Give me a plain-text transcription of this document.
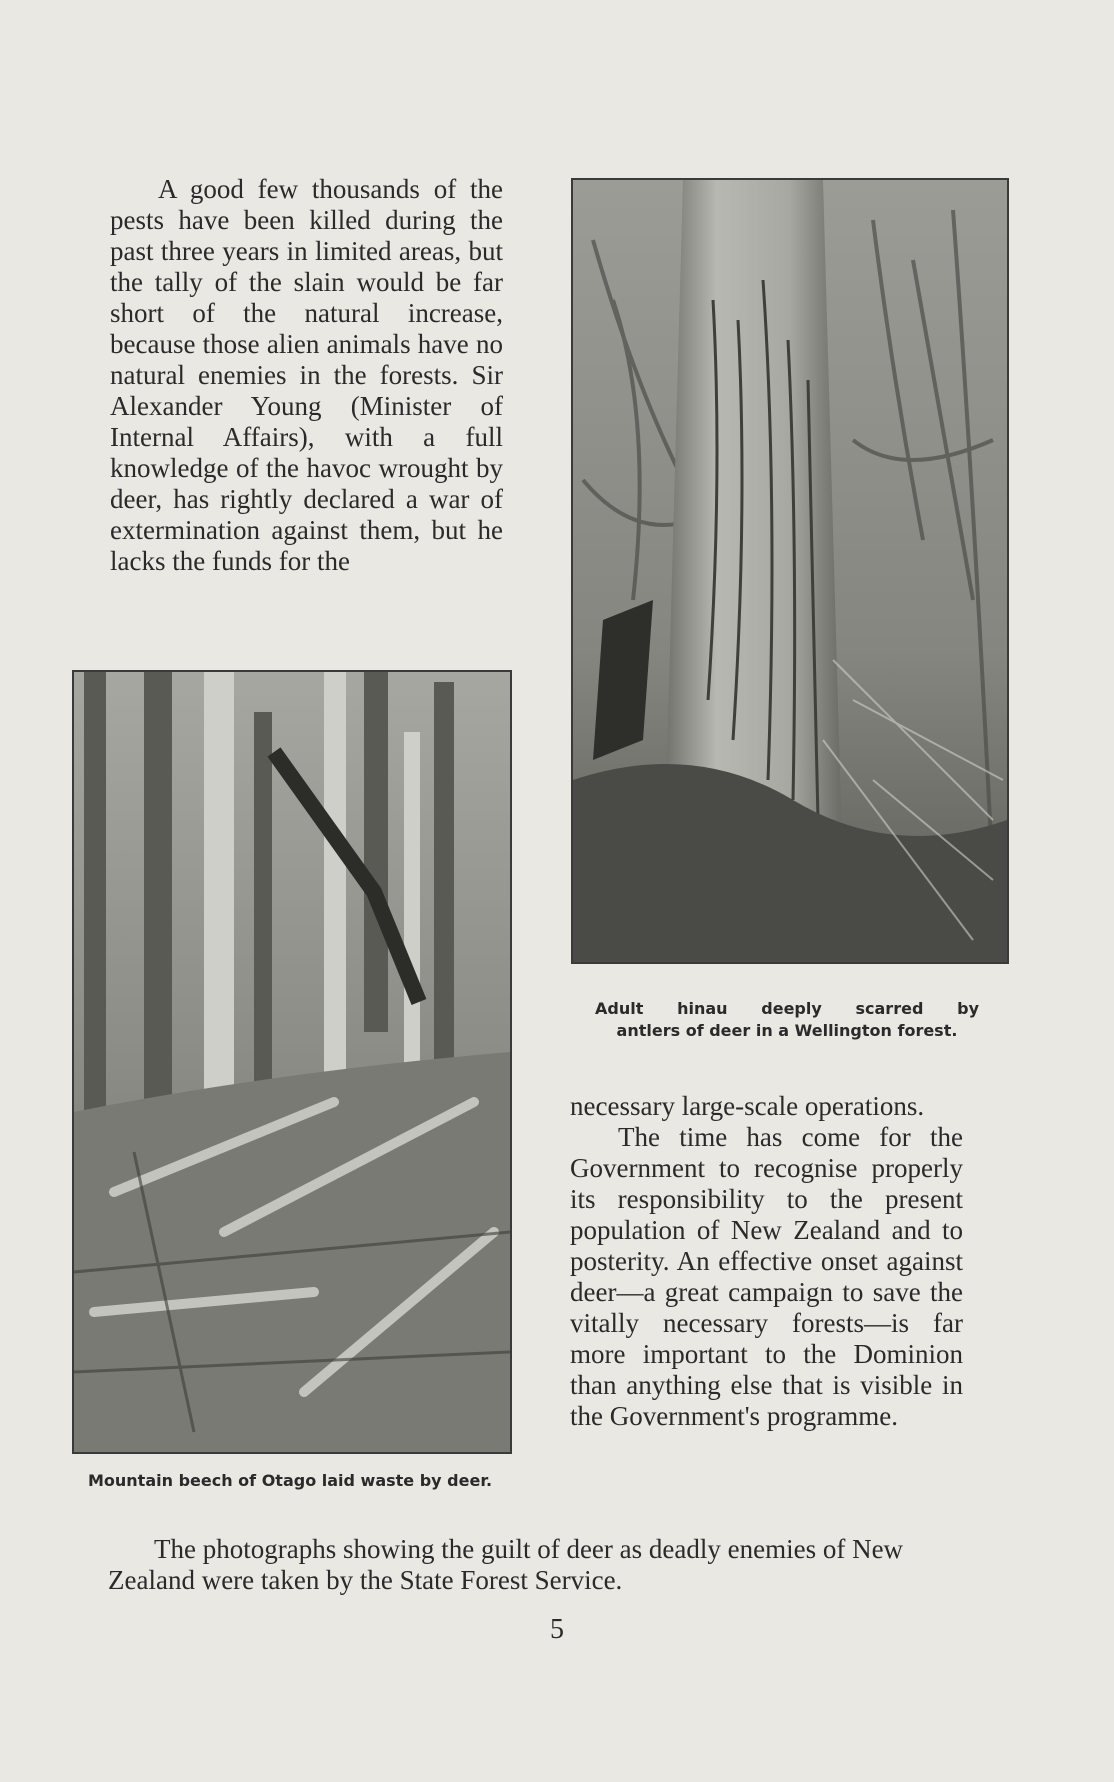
A good few thousands of the pests have been killed during the past three years in limited areas, but the tally of the slain would be far short of the natural increase, because those alien animals have no natural enemies in the forests. Sir Alexander Young (Minister of Internal Affairs), with a full knowledge of the havoc wrought by deer, has rightly declared a war of extermination against them, but he lacks the funds for the

Adult hinau deeply scarred by
antlers of deer in a Wellington forest.
Mountain beech of Otago laid waste by deer.

necessary large-scale operations.

The time has come for the Government to recognise properly its responsibility to the present population of New Zealand and to posterity. An effective onset against deer—a great campaign to save the vitally necessary forests—is far more important to the Dominion than anything else that is visible in the Government's programme.

The photographs showing the guilt of deer as deadly enemies of New Zealand were taken by the State Forest Service.

5
